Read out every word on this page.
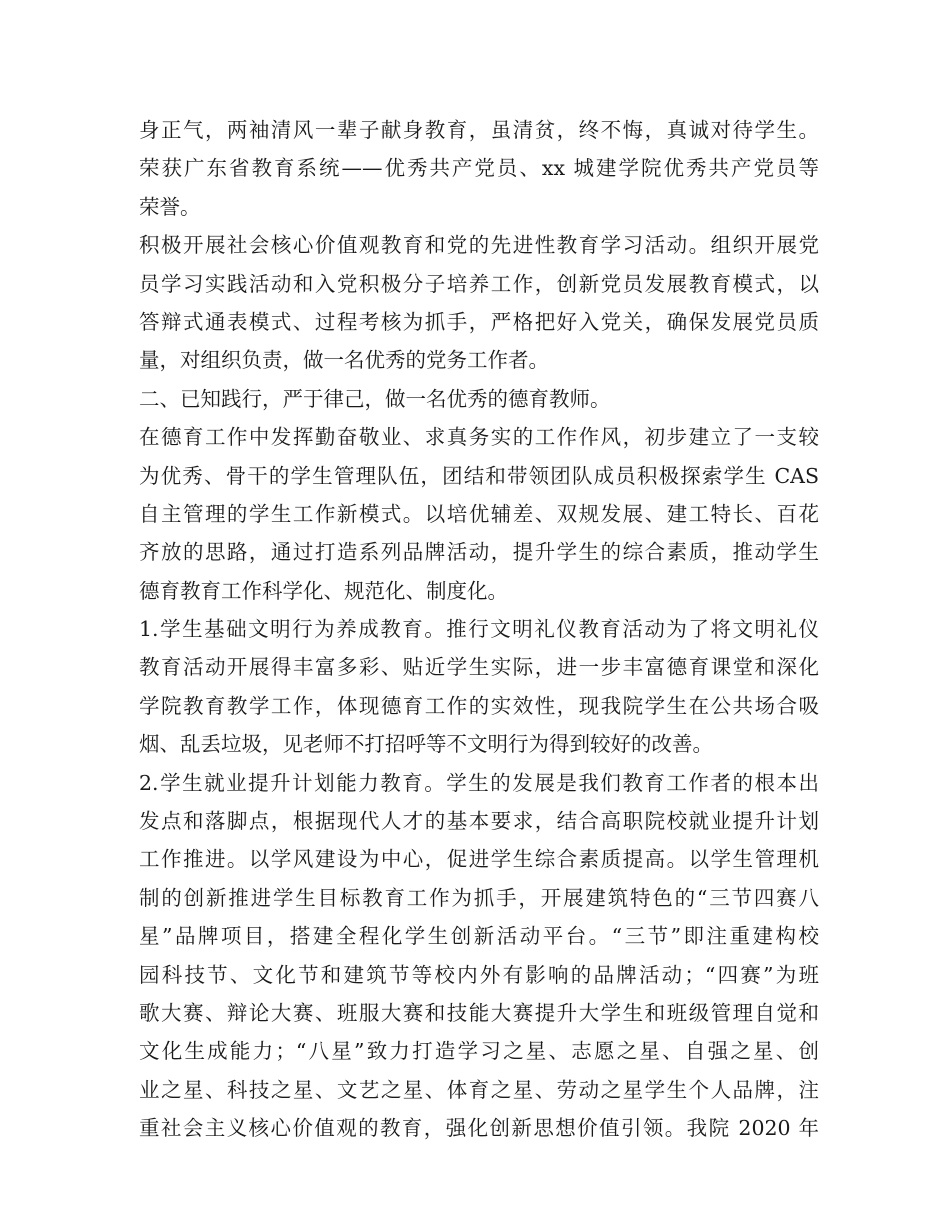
身正气，两袖清风一辈子献身教育，虽清贫，终不悔，真诚对待学生。
荣获广东省教育系统——优秀共产党员、xx 城建学院优秀共产党员等
荣誉。
积极开展社会核心价值观教育和党的先进性教育学习活动。组织开展党
员学习实践活动和入党积极分子培养工作，创新党员发展教育模式，以
答辩式通表模式、过程考核为抓手，严格把好入党关，确保发展党员质
量，对组织负责，做一名优秀的党务工作者。
二、已知践行，严于律己，做一名优秀的德育教师。
在德育工作中发挥勤奋敬业、求真务实的工作作风，初步建立了一支较
为优秀、骨干的学生管理队伍，团结和带领团队成员积极探索学生 CAS
自主管理的学生工作新模式。以培优辅差、双规发展、建工特长、百花
齐放的思路，通过打造系列品牌活动，提升学生的综合素质，推动学生
德育教育工作科学化、规范化、制度化。
1.学生基础文明行为养成教育。推行文明礼仪教育活动为了将文明礼仪
教育活动开展得丰富多彩、贴近学生实际，进一步丰富德育课堂和深化
学院教育教学工作，体现德育工作的实效性，现我院学生在公共场合吸
烟、乱丢垃圾，见老师不打招呼等不文明行为得到较好的改善。
2.学生就业提升计划能力教育。学生的发展是我们教育工作者的根本出
发点和落脚点，根据现代人才的基本要求，结合高职院校就业提升计划
工作推进。以学风建设为中心，促进学生综合素质提高。以学生管理机
制的创新推进学生目标教育工作为抓手，开展建筑特色的“三节四赛八
星”品牌项目，搭建全程化学生创新活动平台。“三节”即注重建构校
园科技节、文化节和建筑节等校内外有影响的品牌活动；“四赛”为班
歌大赛、辩论大赛、班服大赛和技能大赛提升大学生和班级管理自觉和
文化生成能力；“八星”致力打造学习之星、志愿之星、自强之星、创
业之星、科技之星、文艺之星、体育之星、劳动之星学生个人品牌，注
重社会主义核心价值观的教育，强化创新思想价值引领。我院 2020 年
